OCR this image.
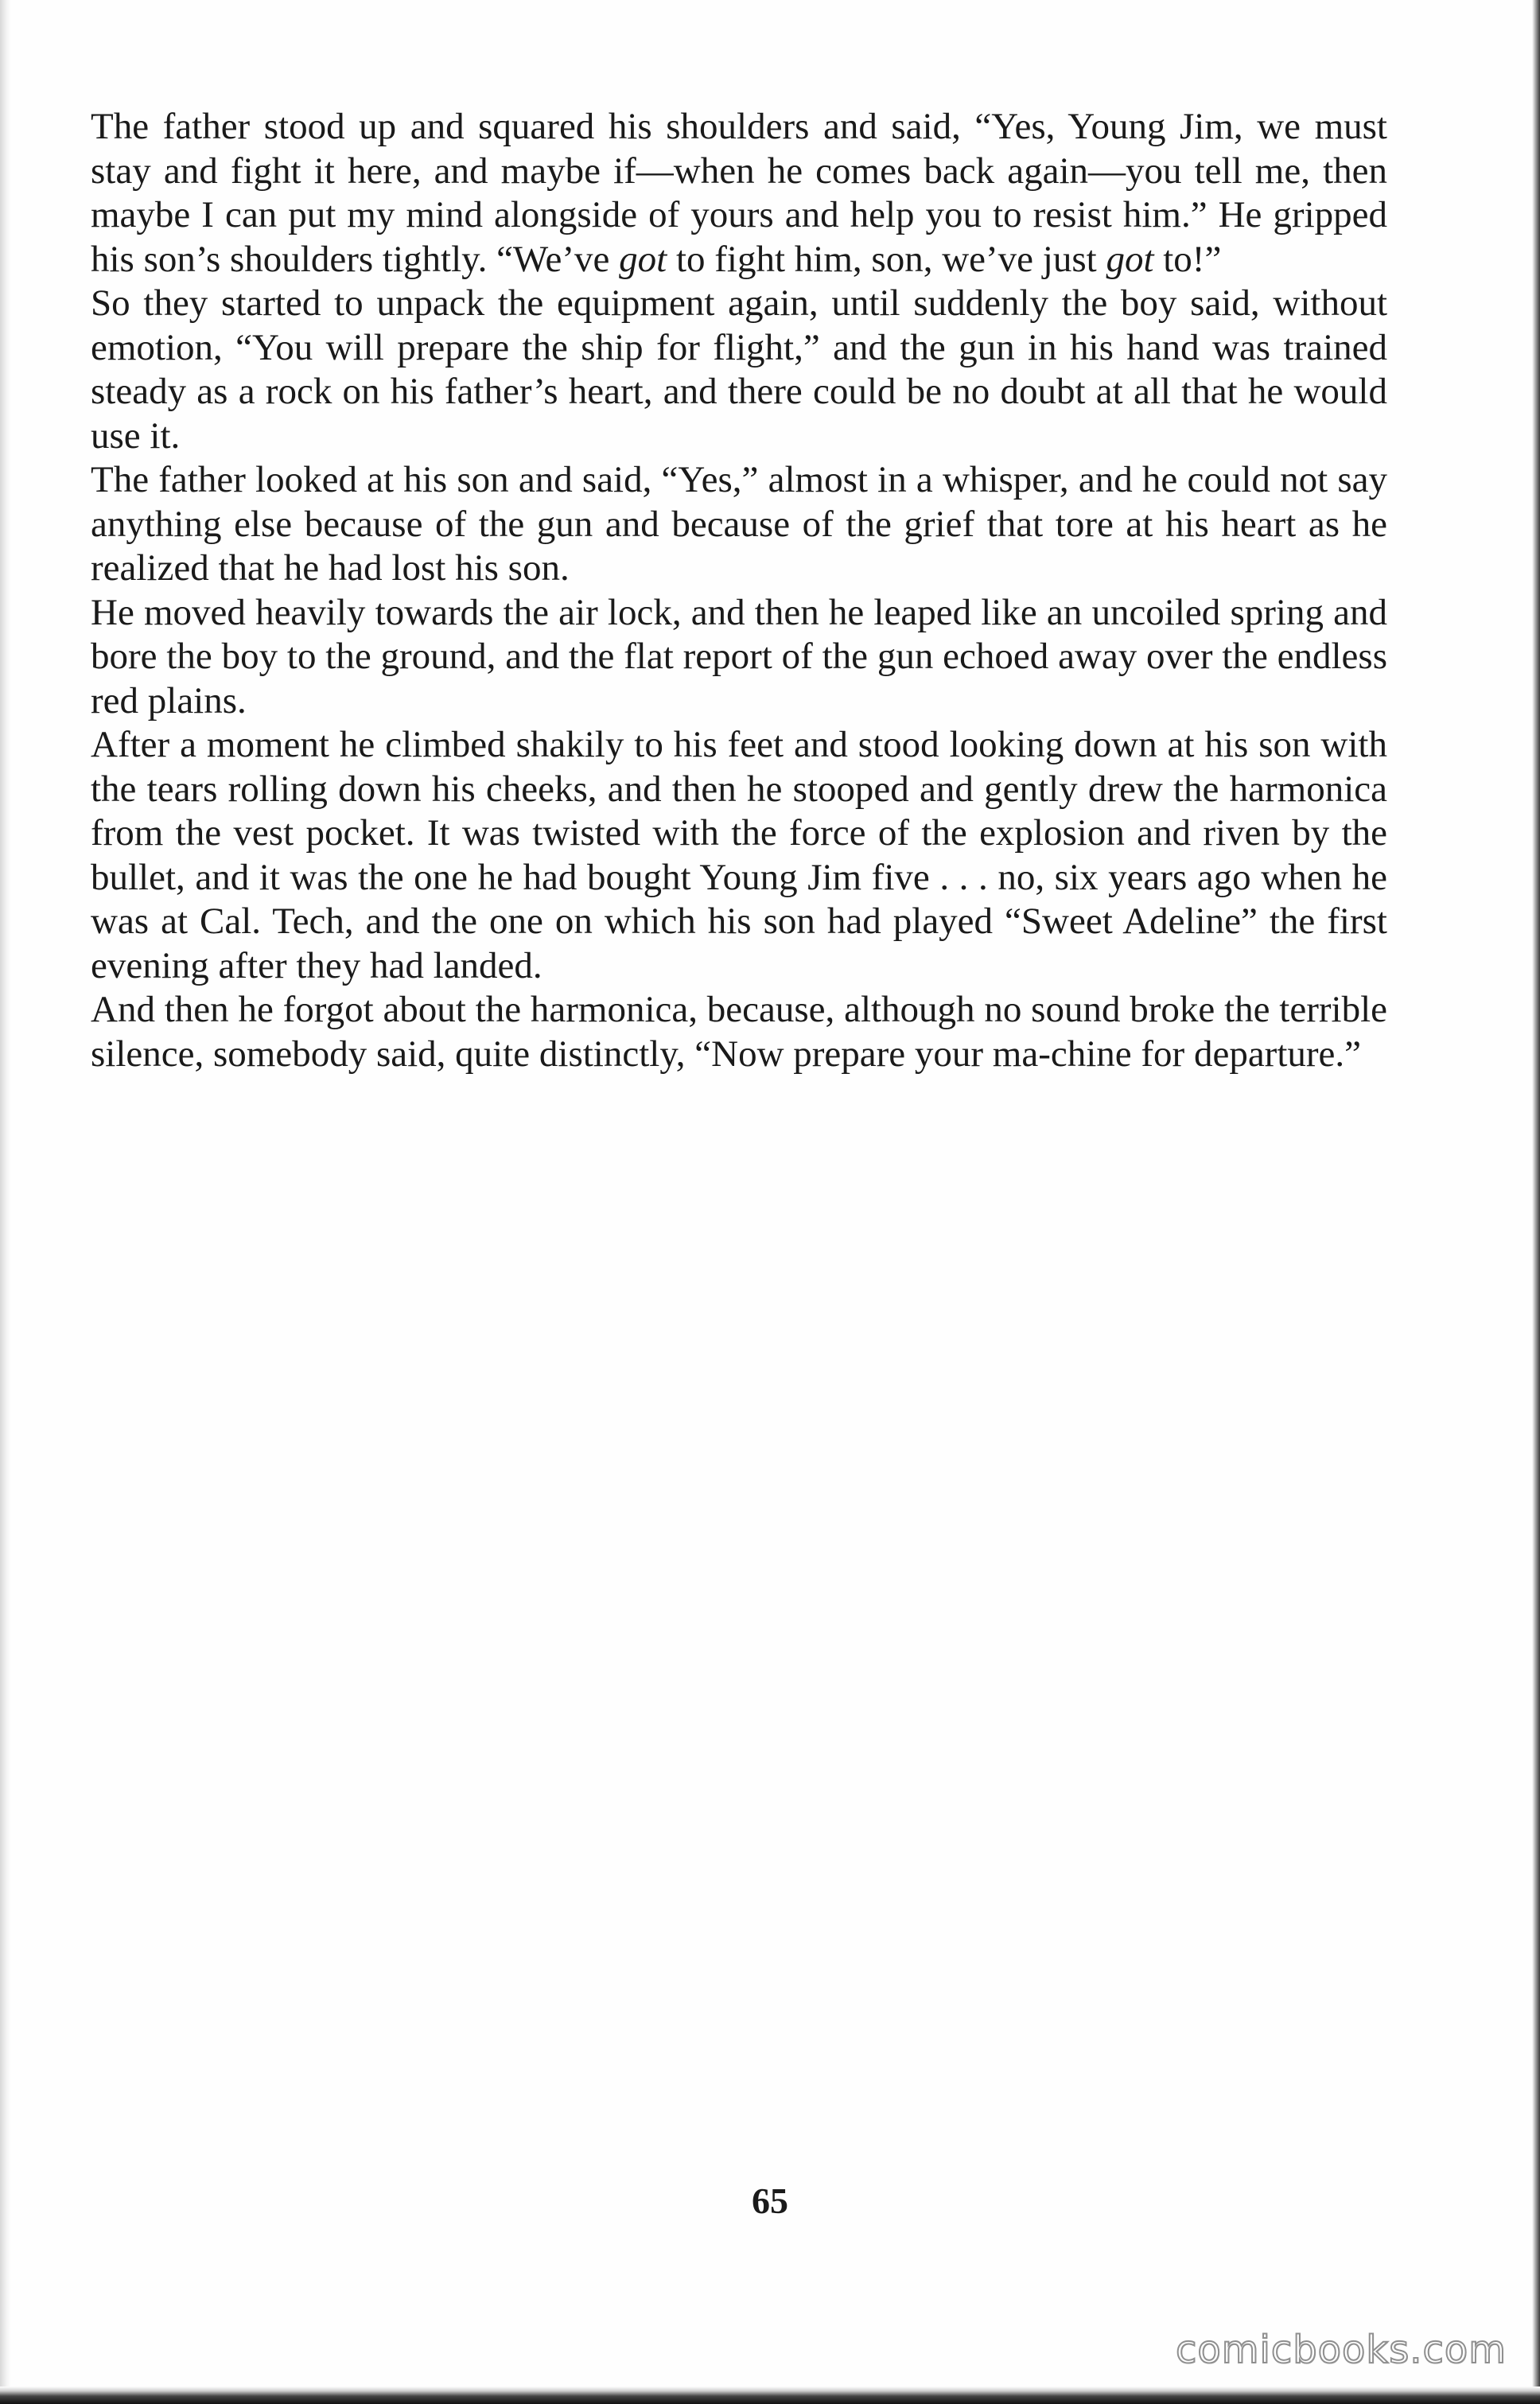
The father stood up and squared his shoulders and said, “Yes, Young Jim, we must stay and fight it here, and maybe if—when he comes back again—you tell me, then maybe I can put my mind alongside of yours and help you to resist him.” He gripped his son’s shoulders tightly. “We’ve got to fight him, son, we’ve just got to!”

So they started to unpack the equipment again, until suddenly the boy said, without emotion, “You will prepare the ship for flight,” and the gun in his hand was trained steady as a rock on his father’s heart, and there could be no doubt at all that he would use it.

The father looked at his son and said, “Yes,” almost in a whisper, and he could not say anything else because of the gun and because of the grief that tore at his heart as he realized that he had lost his son.

He moved heavily towards the air lock, and then he leaped like an uncoiled spring and bore the boy to the ground, and the flat report of the gun echoed away over the endless red plains.

After a moment he climbed shakily to his feet and stood looking down at his son with the tears rolling down his cheeks, and then he stooped and gently drew the harmonica from the vest pocket. It was twisted with the force of the explosion and riven by the bullet, and it was the one he had bought Young Jim five . . . no, six years ago when he was at Cal. Tech, and the one on which his son had played “Sweet Adeline” the first evening after they had landed.

And then he forgot about the harmonica, because, although no sound broke the terrible silence, somebody said, quite distinctly, “Now prepare your ma-chine for departure.”

65
comicbooks.com
